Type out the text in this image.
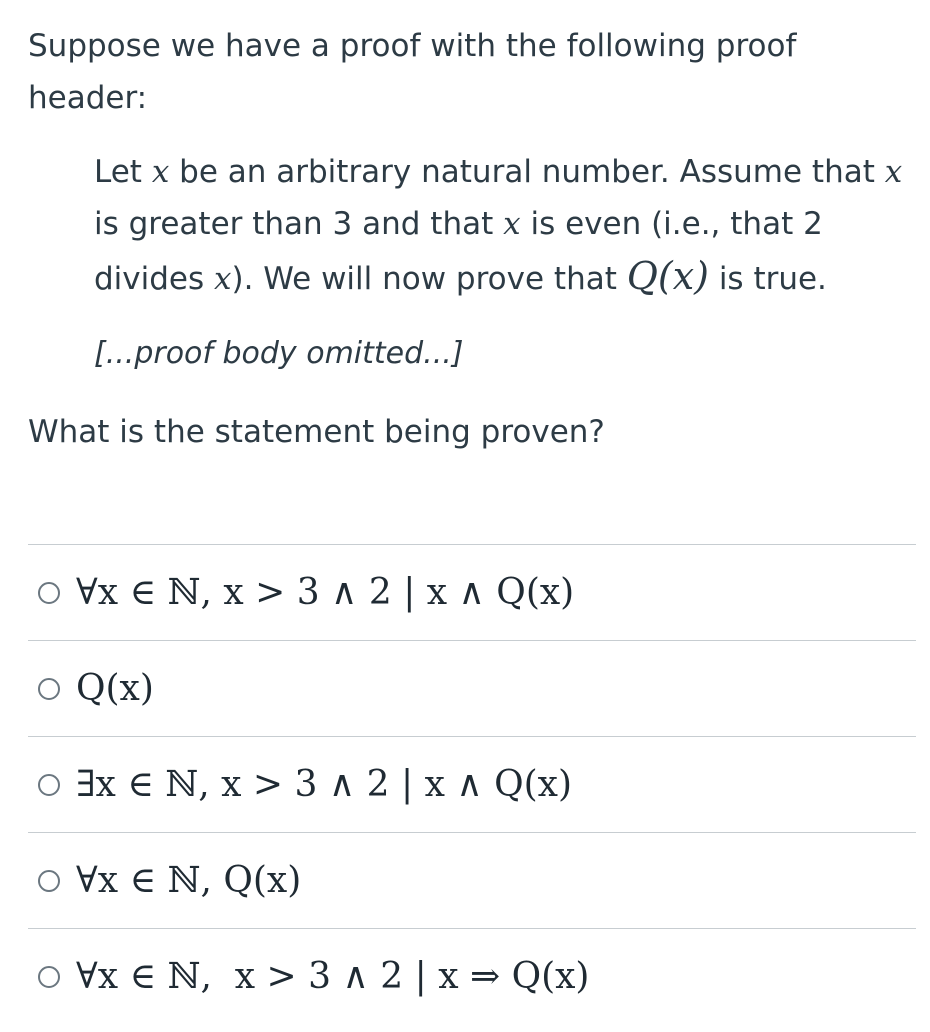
Suppose we have a proof with the following proof header:

Let x be an arbitrary natural number. Assume that x is greater than 3 and that x is even (i.e., that 2 divides x). We will now prove that Q(x) is true.

[...proof body omitted...]

What is the statement being proven?

∀x ∈ ℕ, x > 3 ∧ 2 | x ∧ Q(x)
Q(x)
∃x ∈ ℕ, x > 3 ∧ 2 | x ∧ Q(x)
∀x ∈ ℕ, Q(x)
∀x ∈ ℕ,  x > 3 ∧ 2 | x ⇒ Q(x)
